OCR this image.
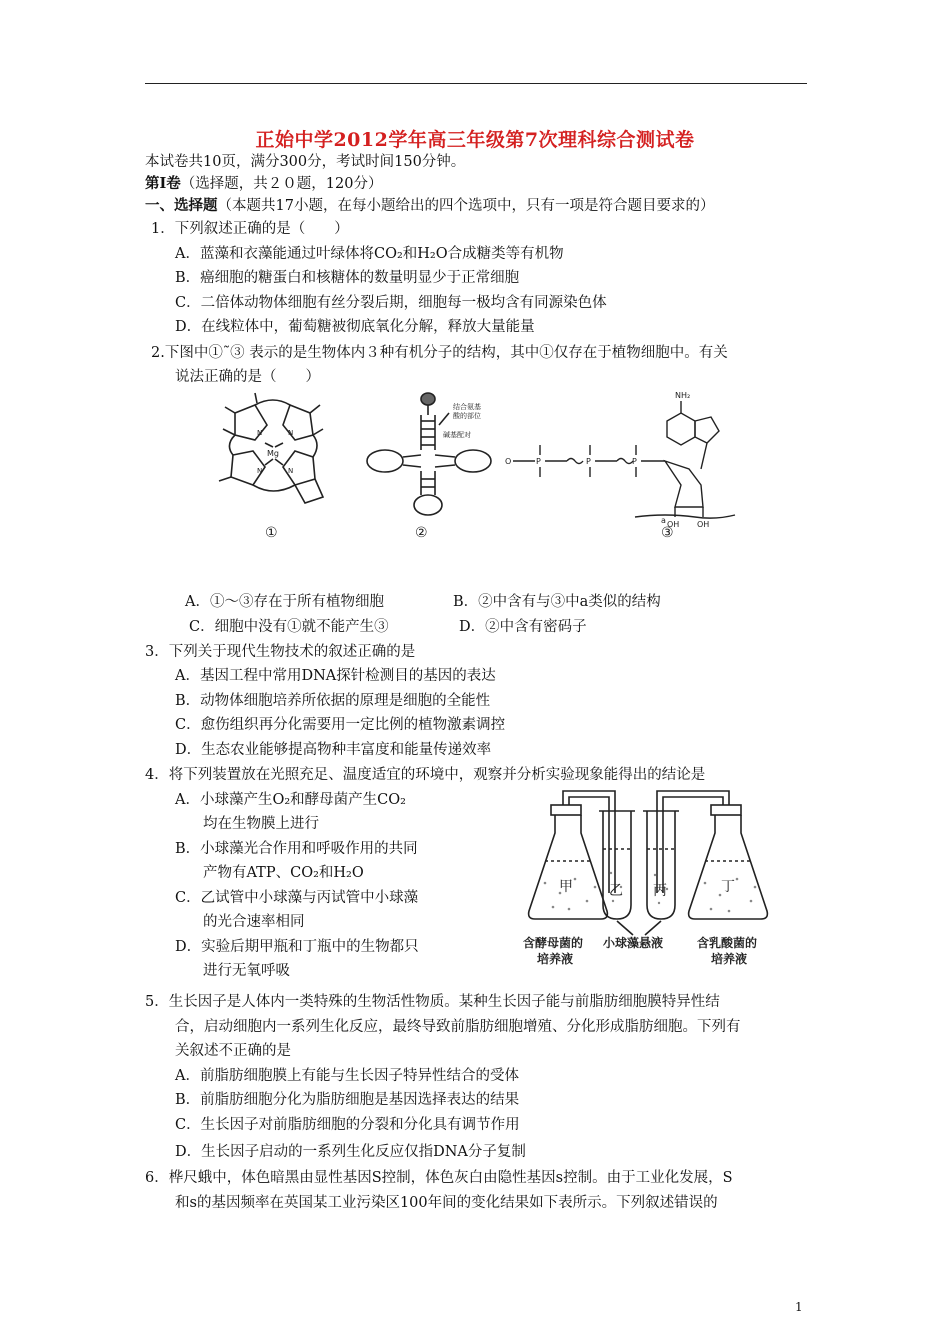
正始中学2012学年高三年级第7次理科综合测试卷
本试卷共10页，满分300分，考试时间150分钟。
第Ⅰ卷（选择题，共２０题，120分）
一、选择题（本题共17小题，在每小题给出的四个选项中，只有一项是符合题目要求的）
1．下列叙述正确的是（　　）
A．蓝藻和衣藻能通过叶绿体将CO₂和H₂O合成糖类等有机物
B．癌细胞的糖蛋白和核糖体的数量明显少于正常细胞
C．二倍体动物体细胞有丝分裂后期，细胞每一极均含有同源染色体
D．在线粒体中，葡萄糖被彻底氧化分解，释放大量能量
2.下图中①˜③ 表示的是生物体内３种有机分子的结构，其中①仅存在于植物细胞中。有关
说法正确的是（　　）
Mg
N	N
N	N
①
结合氨基
酸的部位
碱基配对
②
NH₂
P	P	P
O
OH OH
a
③
A．①～③存在于所有植物细胞	B．②中含有与③中a类似的结构
C．细胞中没有①就不能产生③	D．②中含有密码子
3．下列关于现代生物技术的叙述正确的是
A．基因工程中常用DNA探针检测目的基因的表达
B．动物体细胞培养所依据的原理是细胞的全能性
C．愈伤组织再分化需要用一定比例的植物激素调控
D．生态农业能够提高物种丰富度和能量传递效率
4．将下列装置放在光照充足、温度适宜的环境中，观察并分析实验现象能得出的结论是
A．小球藻产生O₂和酵母菌产生CO₂
均在生物膜上进行
B．小球藻光合作用和呼吸作用的共同
产物有ATP、CO₂和H₂O
C．乙试管中小球藻与丙试管中小球藻
的光合速率相同
D．实验后期甲瓶和丁瓶中的生物都只
进行无氧呼吸
甲	乙 丙	丁
含酵母菌的
培养液
小球藻悬液	含乳酸菌的
培养液
5．生长因子是人体内一类特殊的生物活性物质。某种生长因子能与前脂肪细胞膜特异性结
合，启动细胞内一系列生化反应，最终导致前脂肪细胞增殖、分化形成脂肪细胞。下列有
关叙述不正确的是
A．前脂肪细胞膜上有能与生长因子特异性结合的受体
B．前脂肪细胞分化为脂肪细胞是基因选择表达的结果
C．生长因子对前脂肪细胞的分裂和分化具有调节作用
D．生长因子启动的一系列生化反应仅指DNA分子复制
6．桦尺蛾中，体色暗黑由显性基因S控制，体色灰白由隐性基因s控制。由于工业化发展，S
和s的基因频率在英国某工业污染区100年间的变化结果如下表所示。下列叙述错误的
1
